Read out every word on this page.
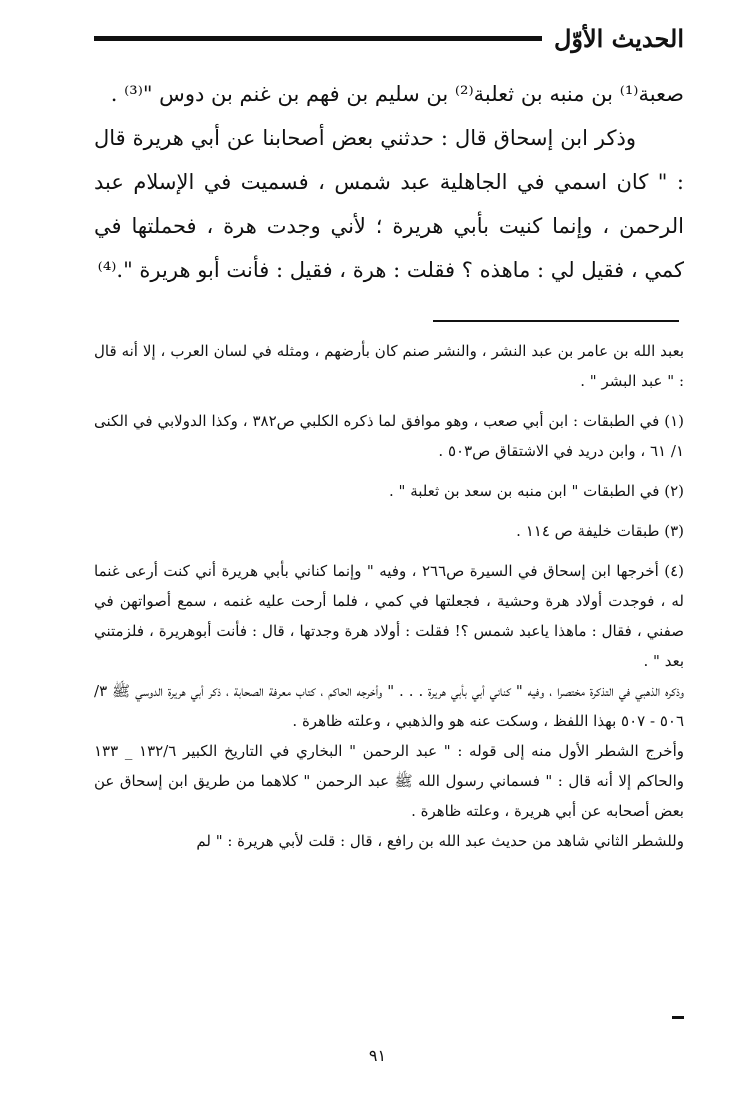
الحديث الأوّل

صعبة⁽¹⁾ بن منبه بن ثعلبة⁽²⁾ بن سليم بن فهم بن غنم بن دوس "⁽³⁾ .

وذكر ابن إسحاق قال : حدثني بعض أصحابنا عن أبي هريرة قال : " كان اسمي في الجاهلية عبد شمس ، فسميت في الإسلام عبد الرحمن ، وإنما كنيت بأبي هريرة ؛ لأني وجدت هرة ، فحملتها في كمي ، فقيل لي : ماهذه ؟ فقلت : هرة ، فقيل : فأنت أبو هريرة ".⁽⁴⁾

بعبد الله بن عامر بن عبد النشر ، والنشر صنم كان بأرضهم ، ومثله في لسان العرب ، إلا أنه قال : " عبد البشر " .

(١) في الطبقات : ابن أبي صعب ، وهو موافق لما ذكره الكلبي ص٣٨٢ ، وكذا الدولابي في الكنى ١/ ٦١ ، وابن دريد في الاشتقاق ص٥٠٣ .

(٢) في الطبقات " ابن منبه بن سعد بن ثعلبة " .

(٣) طبقات خليفة ص ١١٤ .

(٤) أخرجها ابن إسحاق في السيرة ص٢٦٦ ، وفيه " وإنما كناني بأبي هريرة أني كنت أرعى غنما له ، فوجدت أولاد هرة وحشية ، فجعلتها في كمي ، فلما أرحت عليه غنمه ، سمع أصواتهن في صفني ، فقال : ماهذا ياعبد شمس ؟! فقلت : أولاد هرة وجدتها ، قال : فأنت أبوهريرة ، فلزمتني بعد " .

وذكره الذهبي في التذكرة مختصرا ، وفيه " كناني أبي بأبي هريرة . . . " وأخرجه الحاكم ، كتاب معرفة الصحابة ، ذكر أبي هريرة الدوسي ﷺ ٣/ ٥٠٦ - ٥٠٧ بهذا اللفظ ، وسكت عنه هو والذهبي ، وعلته ظاهرة .

وأخرج الشطر الأول منه إلى قوله : " عبد الرحمن " البخاري في التاريخ الكبير ١٣٢/٦ _ ١٣٣ والحاكم إلا أنه قال : " فسماني رسول الله ﷺ عبد الرحمن " كلاهما من طريق ابن إسحاق عن بعض أصحابه عن أبي هريرة ، وعلته ظاهرة .

وللشطر الثاني شاهد من حديث عبد الله بن رافع ، قال : قلت لأبي هريرة : " لم

٩١
